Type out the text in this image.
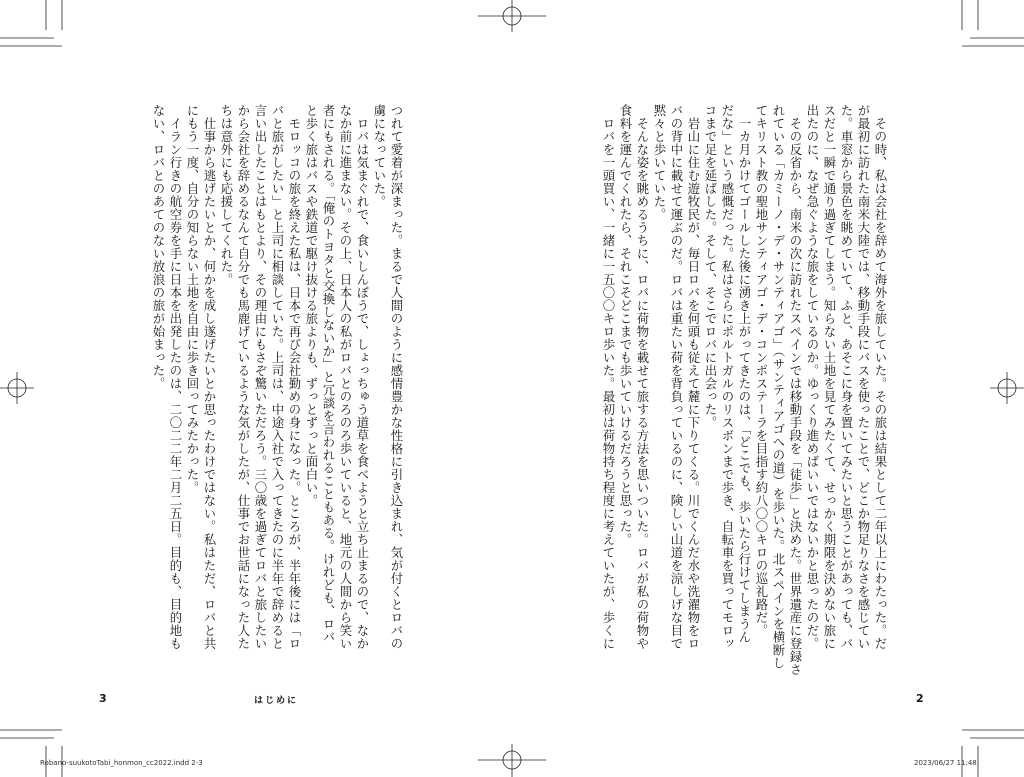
つれて愛着が深まった。まるで人間のように感情豊かな性格に引き込まれ、気が付くとロバの

虜になっていた。

　ロバは気まぐれで、食いしんぼうで、しょっちゅう道草を食べようと立ち止まるので、なか

なか前に進まない。その上、日本人の私がロバとのろのろ歩いていると、地元の人間から笑い

者にもされる。「俺のトヨタと交換しないか」と冗談を言われることもある。けれども、ロバ

と歩く旅はバスや鉄道で駆け抜ける旅よりも、ずっとずっと面白い。

　モロッコの旅を終えた私は、日本で再び会社勤めの身になった。ところが、半年後には「ロ

バと旅がしたい」と上司に相談していた。上司は、中途入社で入ってきたのに半年で辞めると

言い出したことはもとより、その理由にもさぞ驚いただろう。三〇歳を過ぎてロバと旅したい

から会社を辞めるなんて自分でも馬鹿げているような気がしたが、仕事でお世話になった人た

ちは意外にも応援してくれた。

　仕事から逃げたいとか、何かを成し遂げたいとか思ったわけではない。私はただ、ロバと共

にもう一度、自分の知らない土地を自由に歩き回ってみたかった。

　イラン行きの航空券を手に日本を出発したのは、二〇二二年二月二五日。目的も、目的地も

ない、ロバとのあてのない放浪の旅が始まった。	　その時、私は会社を辞めて海外を旅していた。その旅は結果として二年以上にわたった。だ

が最初に訪れた南米大陸では、移動手段にバスを使ったことで、どこか物足りなさを感じてい

た。車窓から景色を眺めていて、ふと、あそこに身を置いてみたいと思うことがあっても、バ

スだと一瞬で通り過ぎてしまう。知らない土地を見てみたくて、せっかく期限を決めない旅に

出たのに、なぜ急ぐような旅をしているのか。ゆっくり進めばいいではないかと思ったのだ。

　その反省から、南米の次に訪れたスペインでは移動手段を「徒歩」と決めた。世界遺産に登録さ

れている「カミーノ・デ・サンティアゴ」（サンティアゴへの道）を歩いた。北スペインを横断し

てキリスト教の聖地サンティアゴ・デ・コンポステーラを目指す約八〇〇キロの巡礼路だ。

　一カ月かけてゴールした後に湧き上がってきたのは、「どこでも、歩いたら行けてしまうん

だな」という感慨だった。私はさらにポルトガルのリスボンまで歩き、自転車を買ってモロッ

コまで足を延ばした。そして、そこでロバに出会った。

　岩山に住む遊牧民が、毎日ロバを何頭も従えて麓に下りてくる。川でくんだ水や洗濯物をロ

バの背中に載せて運ぶのだ。ロバは重たい荷を背負っているのに、険しい山道を涼しげな目で

黙々と歩いていた。

　そんな姿を眺めるうちに、ロバに荷物を載せて旅する方法を思いついた。ロバが私の荷物や

食料を運んでくれたら、それこそどこまでも歩いていけるだろうと思った。

　ロバを一頭買い、一緒に一五〇〇キロ歩いた。最初は荷物持ち程度に考えていたが、歩くに

3	はじめに	2
Robano-suukotoTabi_honmon_cc2022.indd 2-3	2023/06/27 11:48
